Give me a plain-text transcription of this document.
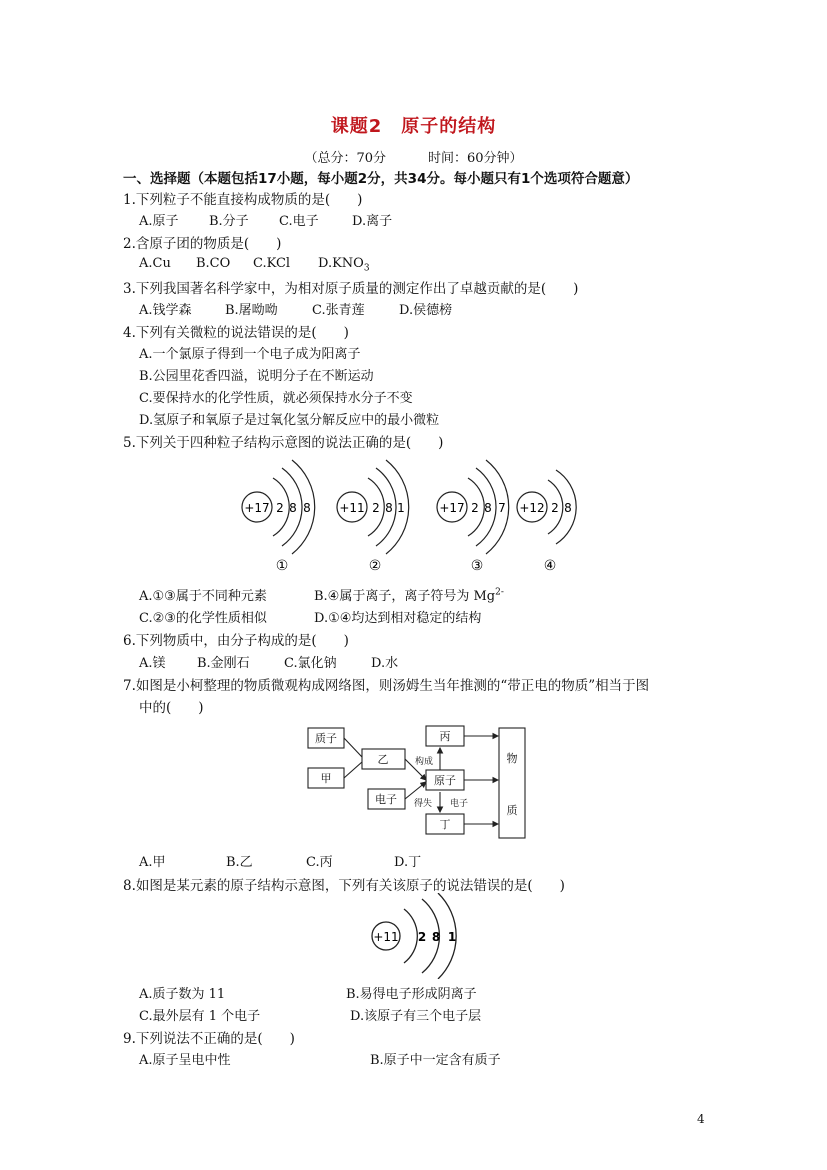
课题2　原子的结构
（总分：70分	时间：60分钟）
一、选择题（本题包括17小题，每小题2分，共34分。每小题只有1个选项符合题意）
1.下列粒子不能直接构成物质的是(　　)
A.原子 B.分子 C.电子	D.离子
2.含原子团的物质是(　　)
A.Cu B.CO C.KCl $D.KNO_3$
3.下列我国著名科学家中，为相对原子质量的测定作出了卓越贡献的是(　　)
A.钱学森	B.屠呦呦	C.张青莲	D.侯德榜
4.下列有关微粒的说法错误的是(　　)
A.一个氯原子得到一个电子成为阳离子
B.公园里花香四溢，说明分子在不断运动
C.要保持水的化学性质，就必须保持水分子不变
D.氢原子和氧原子是过氧化氢分解反应中的最小微粒
5.下列关于四种粒子结构示意图的说法正确的是(　　)
+17 2 8 8
①
+11 2 8 1
②
+17 2 8 7
③
+12 2 8
④
A.①③属于不同种元素	B.④属于离子，离子符号为 $Mg^{2-}$
C.②③的化学性质相似	D.①④均达到相对稳定的结构
6.下列物质中，由分子构成的是(　　)
A.镁 B.金刚石	C.氯化钠	D.水
7.如图是小柯整理的物质微观构成网络图，则汤姆生当年推测的“带正电的物质”相当于图
中的(　　)
质子
甲
乙
电子
丙
原子
丁
物
质
构成
得失 电子
A.甲	B.乙	C.丙	D.丁
8.如图是某元素的原子结构示意图，下列有关该原子的说法错误的是(　　)
+11 2 8 1
A.质子数为 11	B.易得电子形成阴离子
C.最外层有 1 个电子	D.该原子有三个电子层
9.下列说法不正确的是(　　)
A.原子呈电中性	B.原子中一定含有质子
4
